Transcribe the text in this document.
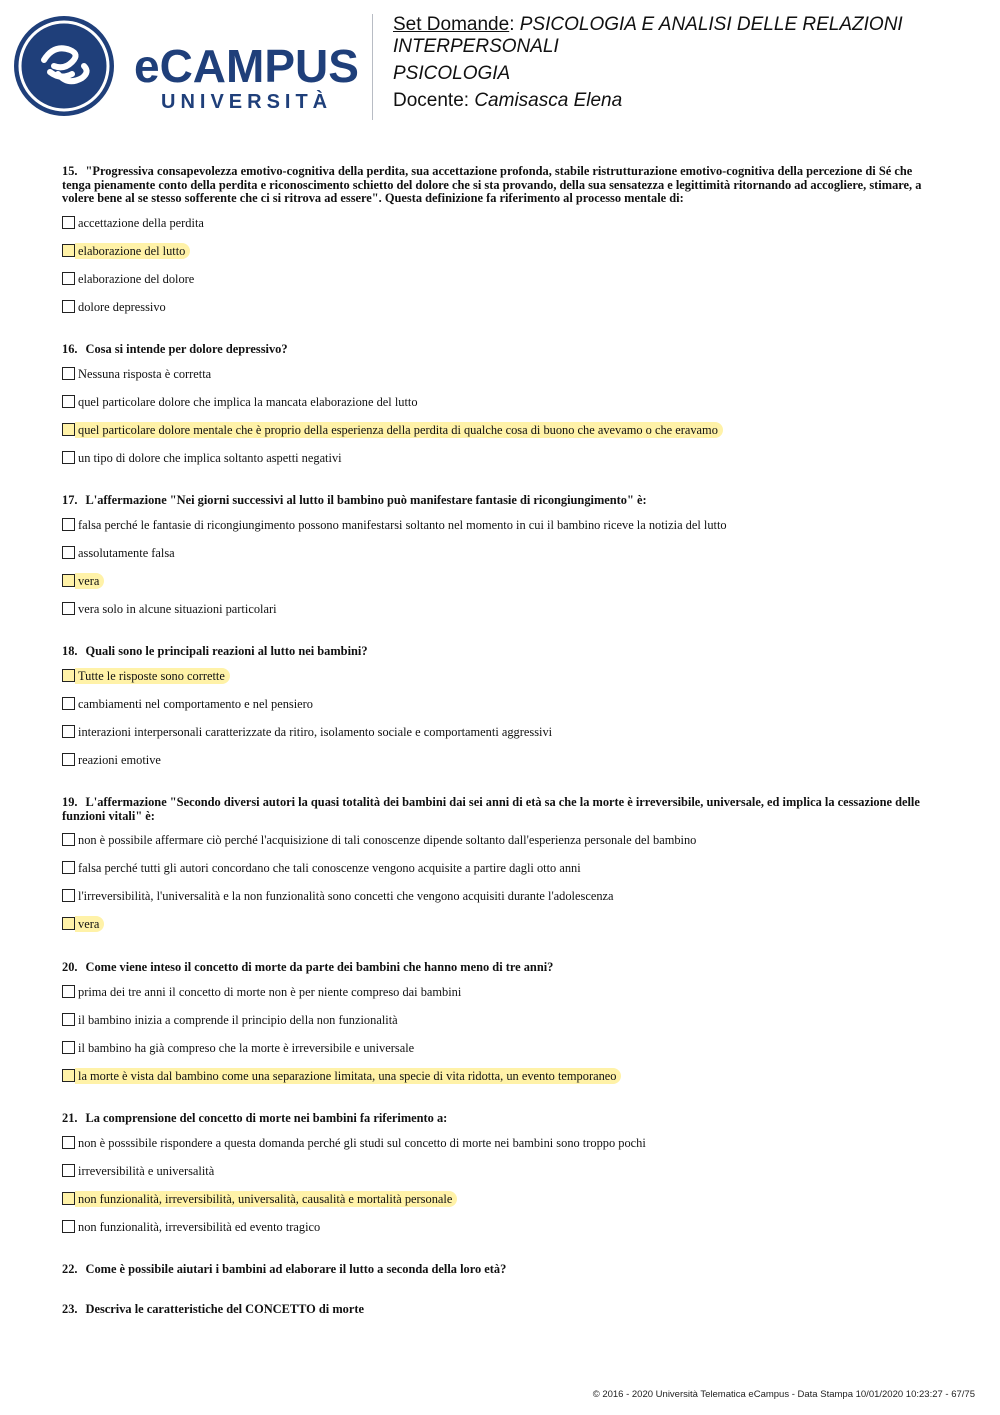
eCAMPUS
UNIVERSITÀ

Set Domande: PSICOLOGIA E ANALISI DELLE RELAZIONI INTERPERSONALI

PSICOLOGIA

Docente: Camisasca Elena

15. "Progressiva consapevolezza emotivo-cognitiva della perdita, sua accettazione profonda, stabile ristrutturazione emotivo-cognitiva della percezione di Sé che tenga pienamente conto della perdita e riconoscimento schietto del dolore che si sta provando, della sua sensatezza e legittimità ritornando ad accogliere, stimare, a volere bene al se stesso sofferente che ci si ritrova ad essere". Questa definizione fa riferimento al processo mentale di:

accettazione della perdita
elaborazione del lutto
elaborazione del dolore
dolore depressivo

16. Cosa si intende per dolore depressivo?

Nessuna risposta è corretta
quel particolare dolore che implica la mancata elaborazione del lutto
quel particolare dolore mentale che è proprio della esperienza della perdita di qualche cosa di buono che avevamo o che eravamo
un tipo di dolore che implica soltanto aspetti negativi

17. L'affermazione "Nei giorni successivi al lutto il bambino può manifestare fantasie di ricongiungimento" è:

falsa perché le fantasie di ricongiungimento possono manifestarsi soltanto nel momento in cui il bambino riceve la notizia del lutto
assolutamente falsa
vera
vera solo in alcune situazioni particolari

18. Quali sono le principali reazioni al lutto nei bambini?

Tutte le risposte sono corrette
cambiamenti nel comportamento e nel pensiero
interazioni interpersonali caratterizzate da ritiro, isolamento sociale e comportamenti aggressivi
reazioni emotive

19. L'affermazione "Secondo diversi autori la quasi totalità dei bambini dai sei anni di età sa che la morte è irreversibile, universale, ed implica la cessazione delle funzioni vitali" è:

non è possibile affermare ciò perché l'acquisizione di tali conoscenze dipende soltanto dall'esperienza personale del bambino
falsa perché tutti gli autori concordano che tali conoscenze vengono acquisite a partire dagli otto anni
l'irreversibilità, l'universalità e la non funzionalità sono concetti che vengono acquisiti durante l'adolescenza
vera

20. Come viene inteso il concetto di morte da parte dei bambini che hanno meno di tre anni?

prima dei tre anni il concetto di morte non è per niente compreso dai bambini
il bambino inizia a comprende il principio della non funzionalità
il bambino ha già compreso che la morte è irreversibile e universale
la morte è vista dal bambino come una separazione limitata, una specie di vita ridotta, un evento temporaneo

21. La comprensione del concetto di morte nei bambini fa riferimento a:

non è posssibile rispondere a questa domanda perché gli studi sul concetto di morte nei bambini sono troppo pochi
irreversibilità e universalità
non funzionalità, irreversibilità, universalità, causalità e mortalità personale
non funzionalità, irreversibilità ed evento tragico

22. Come è possibile aiutari i bambini ad elaborare il lutto a seconda della loro età?

23. Descriva le caratteristiche del CONCETTO di morte

© 2016 - 2020 Università Telematica eCampus - Data Stampa 10/01/2020 10:23:27 - 67/75
